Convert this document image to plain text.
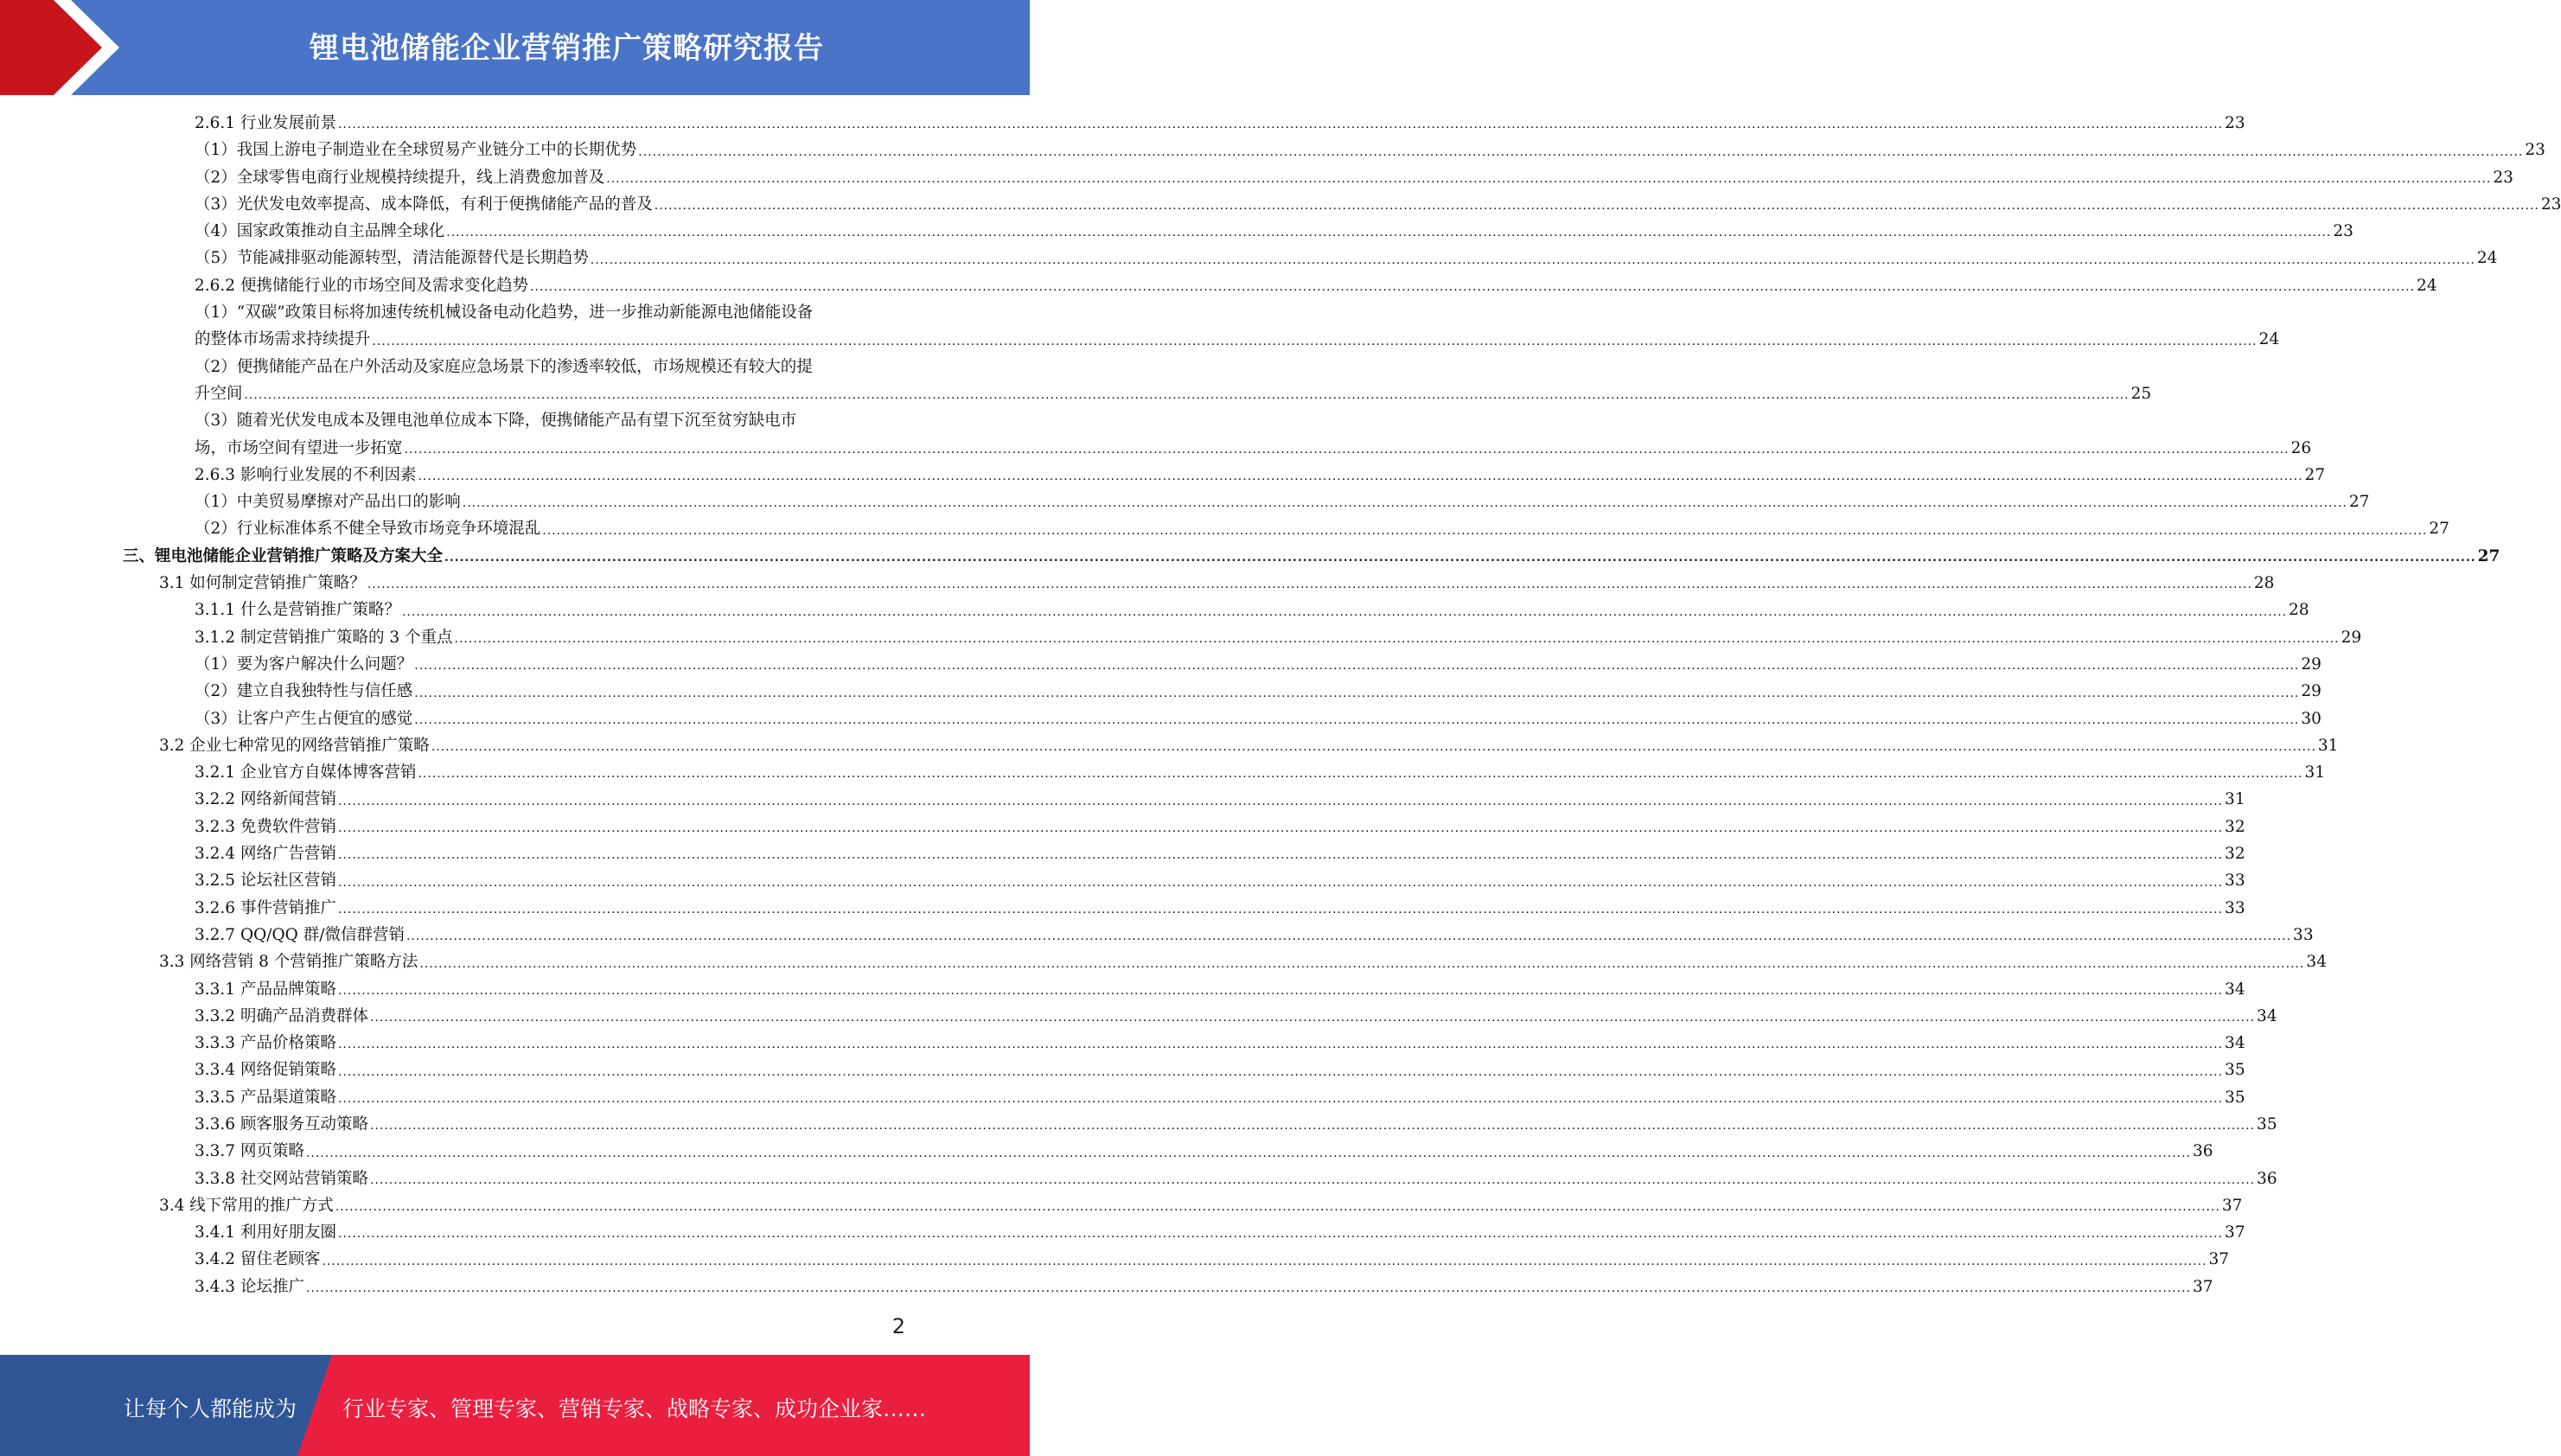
锂电池储能企业营销推广策略研究报告
2.6.1 行业发展前景 ................................................................................................................................................................................................................................................................................................................................................................................................................ 23
（1）我国上游电子制造业在全球贸易产业链分工中的长期优势 ................................................................................................................................................................................................................................................................................................................................................................................................................ 23
（2）全球零售电商行业规模持续提升，线上消费愈加普及 ................................................................................................................................................................................................................................................................................................................................................................................................................ 23
（3）光伏发电效率提高、成本降低，有利于便携储能产品的普及 ................................................................................................................................................................................................................................................................................................................................................................................................................ 23
（4）国家政策推动自主品牌全球化 ................................................................................................................................................................................................................................................................................................................................................................................................................ 23
（5）节能减排驱动能源转型，清洁能源替代是长期趋势 ................................................................................................................................................................................................................................................................................................................................................................................................................ 24
2.6.2 便携储能行业的市场空间及需求变化趋势 ................................................................................................................................................................................................................................................................................................................................................................................................................ 24
（1）“双碳”政策目标将加速传统机械设备电动化趋势，进一步推动新能源电池储能设备
的整体市场需求持续提升 ................................................................................................................................................................................................................................................................................................................................................................................................................ 24
（2）便携储能产品在户外活动及家庭应急场景下的渗透率较低，市场规模还有较大的提
升空间 ................................................................................................................................................................................................................................................................................................................................................................................................................ 25
（3）随着光伏发电成本及锂电池单位成本下降，便携储能产品有望下沉至贫穷缺电市
场，市场空间有望进一步拓宽 ................................................................................................................................................................................................................................................................................................................................................................................................................ 26
2.6.3 影响行业发展的不利因素 ................................................................................................................................................................................................................................................................................................................................................................................................................ 27
（1）中美贸易摩擦对产品出口的影响 ................................................................................................................................................................................................................................................................................................................................................................................................................ 27
（2）行业标准体系不健全导致市场竞争环境混乱 ................................................................................................................................................................................................................................................................................................................................................................................................................ 27
三、锂电池储能企业营销推广策略及方案大全 ................................................................................................................................................................................................................................................................................................................................................................................................................ 27
3.1 如何制定营销推广策略？ ................................................................................................................................................................................................................................................................................................................................................................................................................ 28
3.1.1 什么是营销推广策略？ ................................................................................................................................................................................................................................................................................................................................................................................................................ 28
3.1.2 制定营销推广策略的 3 个重点 ................................................................................................................................................................................................................................................................................................................................................................................................................ 29
（1）要为客户解决什么问题？ ................................................................................................................................................................................................................................................................................................................................................................................................................ 29
（2）建立自我独特性与信任感 ................................................................................................................................................................................................................................................................................................................................................................................................................ 29
（3）让客户产生占便宜的感觉 ................................................................................................................................................................................................................................................................................................................................................................................................................ 30
3.2 企业七种常见的网络营销推广策略 ................................................................................................................................................................................................................................................................................................................................................................................................................ 31
3.2.1 企业官方自媒体博客营销 ................................................................................................................................................................................................................................................................................................................................................................................................................ 31
3.2.2 网络新闻营销 ................................................................................................................................................................................................................................................................................................................................................................................................................ 31
3.2.3 免费软件营销 ................................................................................................................................................................................................................................................................................................................................................................................................................ 32
3.2.4 网络广告营销 ................................................................................................................................................................................................................................................................................................................................................................................................................ 32
3.2.5 论坛社区营销 ................................................................................................................................................................................................................................................................................................................................................................................................................ 33
3.2.6 事件营销推广 ................................................................................................................................................................................................................................................................................................................................................................................................................ 33
3.2.7 QQ/QQ 群/微信群营销 ................................................................................................................................................................................................................................................................................................................................................................................................................ 33
3.3 网络营销 8 个营销推广策略方法 ................................................................................................................................................................................................................................................................................................................................................................................................................ 34
3.3.1 产品品牌策略 ................................................................................................................................................................................................................................................................................................................................................................................................................ 34
3.3.2 明确产品消费群体 ................................................................................................................................................................................................................................................................................................................................................................................................................ 34
3.3.3 产品价格策略 ................................................................................................................................................................................................................................................................................................................................................................................................................ 34
3.3.4 网络促销策略 ................................................................................................................................................................................................................................................................................................................................................................................................................ 35
3.3.5 产品渠道策略 ................................................................................................................................................................................................................................................................................................................................................................................................................ 35
3.3.6 顾客服务互动策略 ................................................................................................................................................................................................................................................................................................................................................................................................................ 35
3.3.7 网页策略 ................................................................................................................................................................................................................................................................................................................................................................................................................ 36
3.3.8 社交网站营销策略 ................................................................................................................................................................................................................................................................................................................................................................................................................ 36
3.4 线下常用的推广方式 ................................................................................................................................................................................................................................................................................................................................................................................................................ 37
3.4.1 利用好朋友圈 ................................................................................................................................................................................................................................................................................................................................................................................................................ 37
3.4.2 留住老顾客 ................................................................................................................................................................................................................................................................................................................................................................................................................ 37
3.4.3 论坛推广 ................................................................................................................................................................................................................................................................................................................................................................................................................ 37
2
让每个人都能成为 行业专家、管理专家、营销专家、战略专家、成功企业家……
